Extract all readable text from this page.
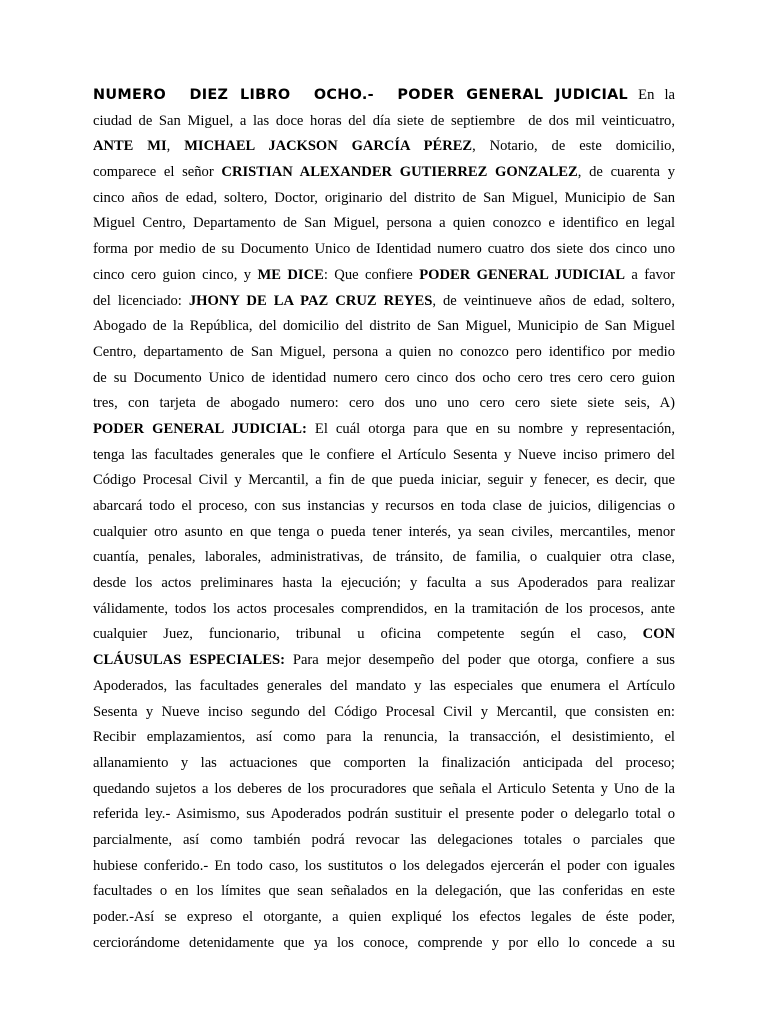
NUMERO  DIEZ LIBRO  OCHO.-  PODER GENERAL JUDICIAL En la
ciudad de San Miguel, a las doce horas del día siete de septiembre  de dos mil veinticuatro,
ANTE MI, MICHAEL JACKSON GARCÍA PÉREZ, Notario, de este domicilio,
comparece el señor CRISTIAN ALEXANDER GUTIERREZ GONZALEZ, de cuarenta y
cinco años de edad, soltero, Doctor, originario del distrito de San Miguel, Municipio de San
Miguel Centro, Departamento de San Miguel, persona a quien conozco e identifico en legal
forma por medio de su Documento Unico de Identidad numero cuatro dos siete dos cinco uno
cinco cero guion cinco, y ME DICE: Que confiere PODER GENERAL JUDICIAL a favor
del licenciado: JHONY DE LA PAZ CRUZ REYES, de veintinueve años de edad, soltero,
Abogado de la República, del domicilio del distrito de San Miguel, Municipio de San Miguel
Centro, departamento de San Miguel, persona a quien no conozco pero identifico por medio
de su Documento Unico de identidad numero cero cinco dos ocho cero tres cero cero guion
tres, con tarjeta de abogado numero: cero dos uno uno cero cero siete siete seis, A)
PODER GENERAL JUDICIAL: El cuál otorga para que en su nombre y representación,
tenga las facultades generales que le confiere el Artículo Sesenta y Nueve inciso primero del
Código Procesal Civil y Mercantil, a fin de que pueda iniciar, seguir y fenecer, es decir, que
abarcará todo el proceso, con sus instancias y recursos en toda clase de juicios, diligencias o
cualquier otro asunto en que tenga o pueda tener interés, ya sean civiles, mercantiles, menor
cuantía, penales, laborales, administrativas, de tránsito, de familia, o cualquier otra clase,
desde los actos preliminares hasta la ejecución; y faculta a sus Apoderados para realizar
válidamente, todos los actos procesales comprendidos, en la tramitación de los procesos, ante
cualquier Juez, funcionario, tribunal u oficina competente según el caso, CON
CLÁUSULAS ESPECIALES: Para mejor desempeño del poder que otorga, confiere a sus
Apoderados, las facultades generales del mandato y las especiales que enumera el Artículo
Sesenta y Nueve inciso segundo del Código Procesal Civil y Mercantil, que consisten en:
Recibir emplazamientos, así como para la renuncia, la transacción, el desistimiento, el
allanamiento y las actuaciones que comporten la finalización anticipada del proceso;
quedando sujetos a los deberes de los procuradores que señala el Articulo Setenta y Uno de la
referida ley.- Asimismo, sus Apoderados podrán sustituir el presente poder o delegarlo total o
parcialmente, así como también podrá revocar las delegaciones totales o parciales que
hubiese conferido.- En todo caso, los sustitutos o los delegados ejercerán el poder con iguales
facultades o en los límites que sean señalados en la delegación, que las conferidas en este
poder.-Así se expreso el otorgante, a quien expliqué los efectos legales de éste poder,
cerciorándome detenidamente que ya los conoce, comprende y por ello lo concede a su
